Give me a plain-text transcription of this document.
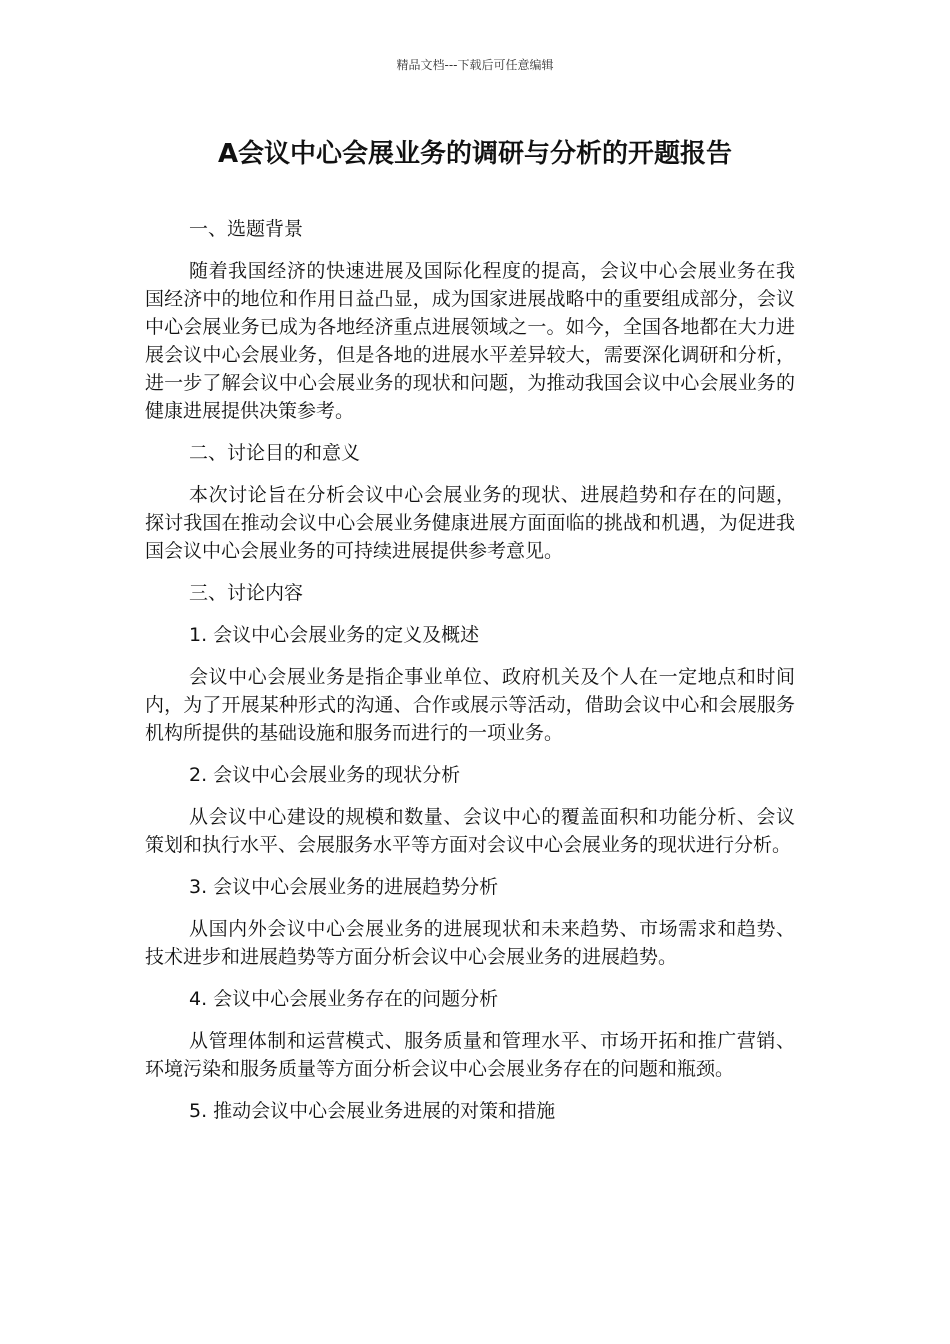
精品文档---下载后可任意编辑
A会议中心会展业务的调研与分析的开题报告

一、选题背景

随着我国经济的快速进展及国际化程度的提高，会议中心会展业务在我国经济中的地位和作用日益凸显，成为国家进展战略中的重要组成部分，会议中心会展业务已成为各地经济重点进展领域之一。如今，全国各地都在大力进展会议中心会展业务，但是各地的进展水平差异较大，需要深化调研和分析，进一步了解会议中心会展业务的现状和问题，为推动我国会议中心会展业务的健康进展提供决策参考。

二、讨论目的和意义

本次讨论旨在分析会议中心会展业务的现状、进展趋势和存在的问题，探讨我国在推动会议中心会展业务健康进展方面面临的挑战和机遇，为促进我国会议中心会展业务的可持续进展提供参考意见。

三、讨论内容

1. 会议中心会展业务的定义及概述

会议中心会展业务是指企事业单位、政府机关及个人在一定地点和时间内，为了开展某种形式的沟通、合作或展示等活动，借助会议中心和会展服务机构所提供的基础设施和服务而进行的一项业务。

2. 会议中心会展业务的现状分析

从会议中心建设的规模和数量、会议中心的覆盖面积和功能分析、会议策划和执行水平、会展服务水平等方面对会议中心会展业务的现状进行分析。

3. 会议中心会展业务的进展趋势分析

从国内外会议中心会展业务的进展现状和未来趋势、市场需求和趋势、技术进步和进展趋势等方面分析会议中心会展业务的进展趋势。

4. 会议中心会展业务存在的问题分析

从管理体制和运营模式、服务质量和管理水平、市场开拓和推广营销、环境污染和服务质量等方面分析会议中心会展业务存在的问题和瓶颈。

5. 推动会议中心会展业务进展的对策和措施
